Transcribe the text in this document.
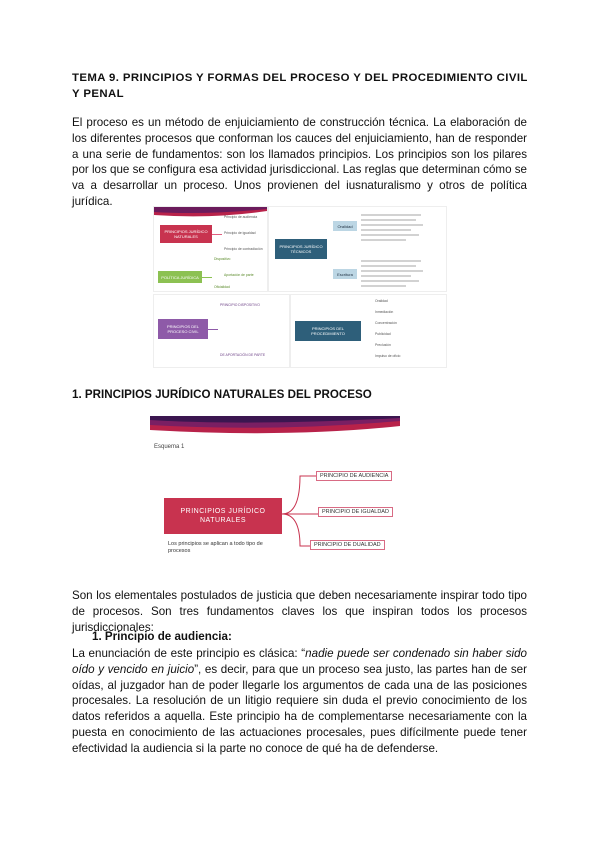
TEMA 9. PRINCIPIOS Y FORMAS DEL PROCESO Y DEL PROCEDIMIENTO CIVIL Y PENAL
El proceso es un método de enjuiciamiento de construcción técnica. La elaboración de los diferentes procesos que conforman los cauces del enjuiciamiento, han de responder a una serie de fundamentos: son los llamados principios. Los principios son los pilares por los que se configura esa actividad jurisdiccional. Las reglas que determinan cómo se va a desarrollar un proceso. Unos provienen del iusnaturalismo y otros de política jurídica.
PRINCIPIOS JURÍDICO NATURALES
Principio de audiencia
Principio de igualdad
Principio de contradicción
POLÍTICA JURÍDICA
Dispositivo
Aportación de parte
Oficialidad
PRINCIPIOS JURÍDICO TÉCNICOS
Oralidad
Escritura
PRINCIPIOS DEL PROCESO CIVIL
PRINCIPIO DISPOSITIVO
DE APORTACIÓN DE PARTE
PRINCIPIOS DEL PROCEDIMIENTO
Oralidad
Inmediación
Concentración
Publicidad
Preclusión
Impulso de oficio
1. PRINCIPIOS JURÍDICO NATURALES DEL PROCESO
Esquema 1
PRINCIPIOS JURÍDICO NATURALES
PRINCIPIO DE AUDIENCIA
PRINCIPIO DE IGUALDAD
PRINCIPIO DE DUALIDAD
Los principios se aplican a todo tipo de procesos
Son los elementales postulados de justicia que deben necesariamente inspirar todo tipo de procesos. Son tres fundamentos claves los que inspiran todos los procesos jurisdiccionales:
1. Principio de audiencia:
La enunciación de este principio es clásica: “nadie puede ser condenado sin haber sido oído y vencido en juicio”, es decir, para que un proceso sea justo, las partes han de ser oídas, al juzgador han de poder llegarle los argumentos de cada una de las posiciones procesales. La resolución de un litigio requiere sin duda el previo conocimiento de los datos referidos a aquella. Este principio ha de complementarse necesariamente con la puesta en conocimiento de las actuaciones procesales, pues difícilmente puede tener efectividad la audiencia si la parte no conoce de qué ha de defenderse.
